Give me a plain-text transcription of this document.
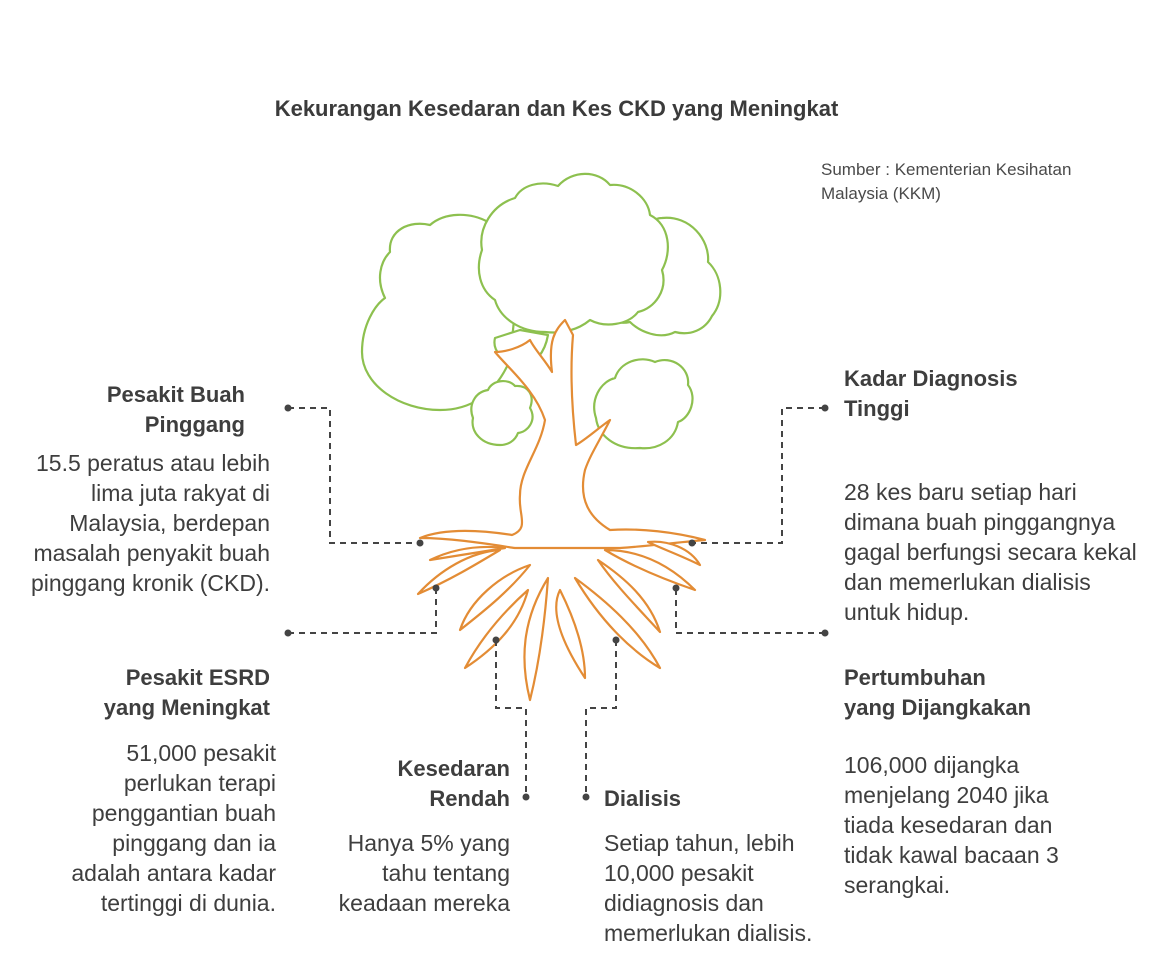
Kekurangan Kesedaran dan Kes CKD yang Meningkat
Sumber : Kementerian Kesihatan Malaysia (KKM)
Pesakit Buah
Pinggang
15.5 peratus atau lebih lima juta rakyat di Malaysia, berdepan masalah penyakit buah pinggang kronik (CKD).
Pesakit ESRD
yang Meningkat
51,000 pesakit perlukan terapi penggantian buah pinggang dan ia adalah antara kadar tertinggi di dunia.
Kesedaran
Rendah
Hanya 5% yang tahu tentang keadaan mereka
Dialisis
Setiap tahun, lebih 10,000 pesakit didiagnosis dan memerlukan dialisis.
Kadar Diagnosis
Tinggi
28 kes baru setiap hari dimana buah pinggangnya gagal berfungsi secara kekal dan memerlukan dialisis untuk hidup.
Pertumbuhan
yang Dijangkakan
106,000 dijangka menjelang 2040 jika tiada kesedaran dan tidak kawal bacaan 3 serangkai.
